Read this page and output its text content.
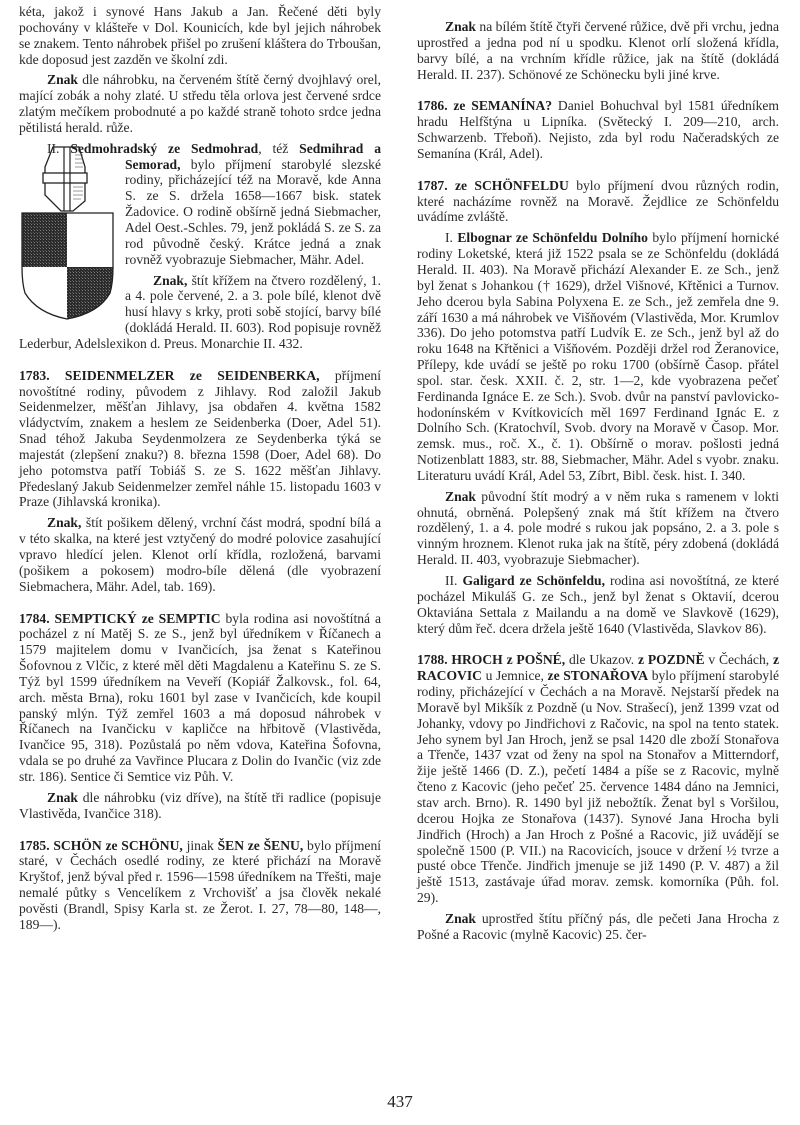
kéta, jakož i synové Hans Jakub a Jan. Řečené děti byly pochovány v klášteře v Dol. Kounicích, kde byl jejich náhrobek se znakem. Tento náhrobek přišel po zrušení kláštera do Trboušan, kde doposud jest zazděn ve školní zdi.

Znak dle náhrobku, na červeném štítě černý dvojhlavý orel, mající zobák a nohy zlaté. U středu těla orlova jest červené srdce zlatým mečíkem probodnuté a po každé straně tohoto srdce jedna pětilistá herald. růže.

II. Sedmohradský ze Sedmohrad, též
Sedmihrad a Semorad, bylo příjmení starobylé slezské rodiny, přicházející též na Moravě, kde Anna S. ze S. držela 1658—1667 bisk. statek Žadovice. O rodině obšírně jedná Siebmacher, Adel Oest.-Schles. 79, jenž pokládá S. ze S. za rod původně český. Krátce jedná a znak rovněž vyobrazuje Siebmacher, Mähr. Adel.

Znak, štít křížem na čtvero rozdělený, 1. a 4. pole červené, 2. a 3. pole bílé, klenot dvě husí hlavy s krky, proti sobě stojící, barvy bílé (dokládá Herald. II. 603). Rod popisuje rovněž Lederbur, Adelslexikon d. Preus. Monarchie II. 432.

1783. SEIDENMELZER ze SEIDENBERKA, příjmení novoštítné rodiny, původem z Jihlavy. Rod založil Jakub Seidenmelzer, měšťan Jihlavy, jsa obdařen 4. května 1582 vládyctvím, znakem a heslem ze Seidenberka (Doer, Adel 51). Snad téhož Jakuba Seydenmolzera ze Seydenberka týká se majestát (zlepšení znaku?) 8. března 1598 (Doer, Adel 68). Do jeho potomstva patří Tobiáš S. ze S. 1622 měšťan Jihlavy. Předeslaný Jakub Seidenmelzer zemřel náhle 15. listopadu 1603 v Praze (Jihlavská kronika).

Znak, štít pošikem dělený, vrchní část modrá, spodní bílá a v této skalka, na které jest vztyčený do modré polovice zasahující vpravo hledící jelen. Klenot orlí křídla, rozložená, barvami (pošikem a pokosem) modro-bíle dělená (dle vyobrazení Siebmachera, Mähr. Adel, tab. 169).

1784. SEMPTICKÝ ze SEMPTIC byla rodina asi novoštítná a pocházel z ní Matěj S. ze S., jenž byl úředníkem v Říčanech a 1579 majitelem domu v Ivančicích, jsa ženat s Kateřinou Šofovnou z Vlčic, z které měl děti Magdalenu a Kateřinu S. ze S. Týž byl 1599 úředníkem na Veveří (Kopiář Žalkovsk., fol. 64, arch. města Brna), roku 1601 byl zase v Ivančicích, kde koupil panský mlýn. Týž zemřel 1603 a má doposud náhrobek v Říčanech na Ivančicku v kapličce na hřbitově (Vlastivěda, Ivančice 95, 318). Pozůstalá po něm vdova, Kateřina Šofovna, vdala se po druhé za Vavřince Plucara z Dolin do Ivančic (viz zde str. 186). Sentice či Semtice viz Půh. V.

Znak dle náhrobku (viz dříve), na štítě tři radlice (popisuje Vlastivěda, Ivančice 318).

1785. SCHÖN ze SCHÖNU, jinak ŠEN ze ŠENU, bylo příjmení staré, v Čechách osedlé rodiny, ze které přichází na Moravě Kryštof, jenž býval před r. 1596—1598 úředníkem na Třešti, maje nemalé půtky s Vencelíkem z Vrchovišť a jsa člověk nekalé pověsti (Brandl, Spisy Karla st. ze Žerot. I. 27, 78—80, 148—, 189—).

Znak na bílém štítě čtyři červené růžice, dvě při vrchu, jedna uprostřed a jedna pod ní u spodku. Klenot orlí složená křídla, barvy bílé, a na vrchním křídle růžice, jak na štítě (dokládá Herald. II. 237). Schönové ze Schönecku byli jiné krve.

1786. ze SEMANÍNA? Daniel Bohuchval byl 1581 úředníkem hradu Helfštýna u Lipníka. (Světecký I. 209—210, arch. Schwarzenb. Třeboň). Nejisto, zda byl rodu Načeradských ze Semanína (Král, Adel).

1787. ze SCHÖNFELDU bylo příjmení dvou různých rodin, které nacházíme rovněž na Moravě. Žejdlice ze Schönfeldu uvádíme zvláště.

I. Elbognar ze Schönfeldu Dolního bylo příjmení hornické rodiny Loketské, která již 1522 psala se ze Schönfeldu (dokládá Herald. II. 403). Na Moravě přichází Alexander E. ze Sch., jenž byl ženat s Johankou († 1629), držel Višnové, Křtěnici a Turnov. Jeho dcerou byla Sabina Polyxena E. ze Sch., jež zemřela dne 9. září 1630 a má náhrobek ve Višňovém (Vlastivěda, Mor. Krumlov 336). Do jeho potomstva patří Ludvík E. ze Sch., jenž byl až do roku 1648 na Křtěnici a Višňovém. Později držel rod Žeranovice, Přílepy, kde uvádí se ještě po roku 1700 (obšírně Časop. přátel spol. star. česk. XXII. č. 2, str. 1—2, kde vyobrazena pečeť Ferdinanda Ignáce E. ze Sch.). Svob. dvůr na panství pavlovicko-hodonínském v Kvítkovicích měl 1697 Ferdinand Ignác E. z Dolního Sch. (Kratochvíl, Svob. dvory na Moravě v Časop. Mor. zemsk. mus., roč. X., č. 1). Obšírně o morav. pošlosti jedná Notizenblatt 1883, str. 88, Siebmacher, Mähr. Adel s vyobr. znaku. Literaturu uvádí Král, Adel 53, Zíbrt, Bibl. česk. hist. I. 340.

Znak původní štít modrý a v něm ruka s ramenem v lokti ohnutá, obrněná. Polepšený znak má štít křížem na čtvero rozdělený, 1. a 4. pole modré s rukou jak popsáno, 2. a 3. pole s vinným hroznem. Klenot ruka jak na štítě, péry zdobená (dokládá Herald. II. 403, vyobrazuje Siebmacher).

II. Galigard ze Schönfeldu, rodina asi novoštítná, ze které pocházel Mikuláš G. ze Sch., jenž byl ženat s Oktavií, dcerou Oktaviána Settala z Mailandu a na domě ve Slavkově (1629), který dům řeč. dcera držela ještě 1640 (Vlastivěda, Slavkov 86).

1788. HROCH z POŠNÉ, dle Ukazov. z POZDNĚ v Čechách, z RACOVIC u Jemnice, ze STONAŘOVA bylo příjmení starobylé rodiny, přicházející v Čechách a na Moravě. Nejstarší předek na Moravě byl Mikšík z Pozdně (u Nov. Strašecí), jenž 1399 vzat od Johanky, vdovy po Jindřichovi z Račovic, na spol na tento statek. Jeho synem byl Jan Hroch, jenž se psal 1420 dle zboží Stonařova a Třenče, 1437 vzat od ženy na spol na Stonařov a Mitterndorf, žije ještě 1466 (D. Z.), pečetí 1484 a píše se z Racovic, mylně čteno z Kacovic (jeho pečeť 25. července 1484 dáno na Jemnici, stav arch. Brno). R. 1490 byl již nebožtík. Ženat byl s Voršilou, dcerou Hojka ze Stonařova (1437). Synové Jana Hrocha byli Jindřich (Hroch) a Jan Hroch z Pošné a Racovic, již uvádějí se společně 1500 (P. VII.) na Racovicích, jsouce v držení ½ tvrze a pusté obce Třenče. Jindřich jmenuje se již 1490 (P. V. 487) a žil ještě 1513, zastávaje úřad morav. zemsk. komorníka (Půh. fol. 29).

Znak uprostřed štítu příčný pás, dle pečeti Jana Hrocha z Pošné a Racovic (mylně Kacovic) 25. čer-

437
